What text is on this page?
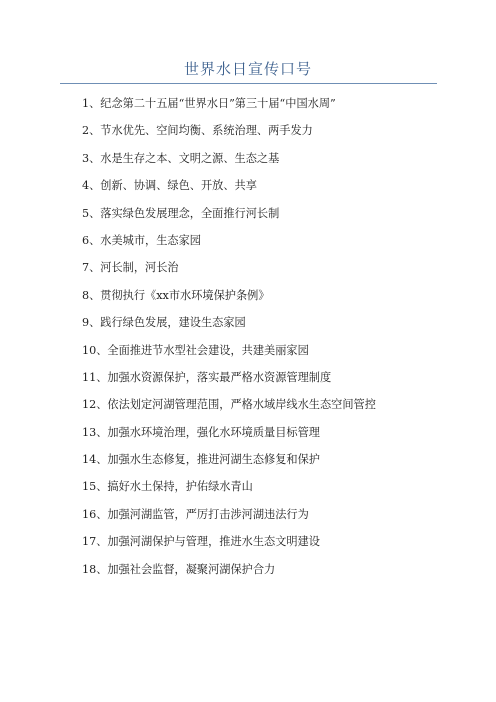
世界水日宣传口号
1、纪念第二十五届“世界水日”第三十届“中国水周”
2、节水优先、空间均衡、系统治理、两手发力
3、水是生存之本、文明之源、生态之基
4、创新、协调、绿色、开放、共享
5、落实绿色发展理念，全面推行河长制
6、水美城市，生态家园
7、河长制，河长治
8、贯彻执行《xx市水环境保护条例》
9、践行绿色发展，建设生态家园
10、全面推进节水型社会建设，共建美丽家园
11、加强水资源保护，落实最严格水资源管理制度
12、依法划定河湖管理范围，严格水域岸线水生态空间管控
13、加强水环境治理，强化水环境质量目标管理
14、加强水生态修复，推进河湖生态修复和保护
15、搞好水土保持，护佑绿水青山
16、加强河湖监管，严厉打击涉河湖违法行为
17、加强河湖保护与管理，推进水生态文明建设
18、加强社会监督，凝聚河湖保护合力
